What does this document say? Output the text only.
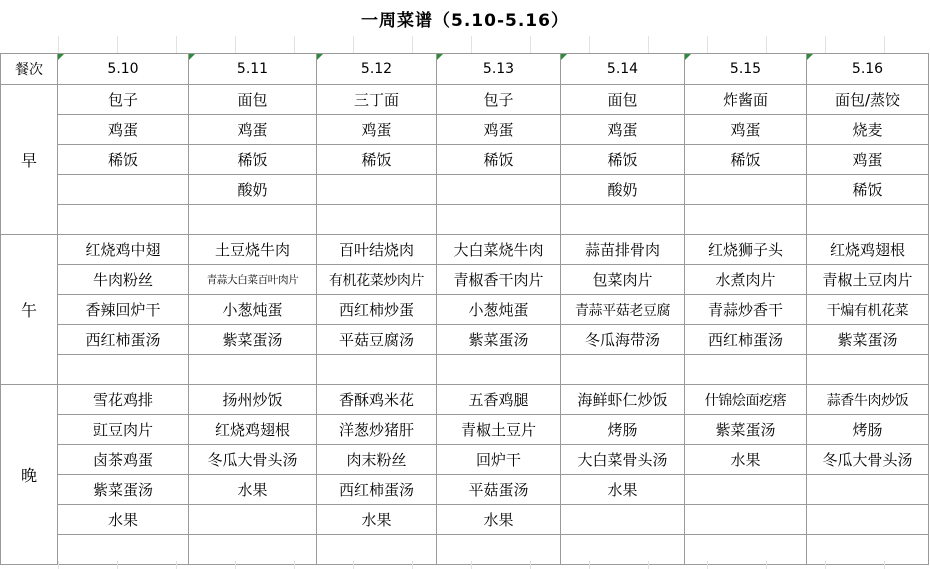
一周菜谱（5.10-5.16）
餐次	5.10	5.11	5.12	5.13	5.14	5.15	5.16
早	包子	面包	三丁面	包子	面包	炸酱面	面包/蒸饺
	鸡蛋	鸡蛋	鸡蛋	鸡蛋	鸡蛋	鸡蛋	烧麦
	稀饭	稀饭	稀饭	稀饭	稀饭	稀饭	鸡蛋
		酸奶			酸奶		稀饭

午	红烧鸡中翅	土豆烧牛肉	百叶结烧肉	大白菜烧牛肉	蒜苗排骨肉	红烧狮子头	红烧鸡翅根
	牛肉粉丝	青蒜大白菜百叶肉片	有机花菜炒肉片	青椒香干肉片	包菜肉片	水煮肉片	青椒土豆肉片
	香辣回炉干	小葱炖蛋	西红柿炒蛋	小葱炖蛋	青蒜平菇老豆腐	青蒜炒香干	干煸有机花菜
	西红柿蛋汤	紫菜蛋汤	平菇豆腐汤	紫菜蛋汤	冬瓜海带汤	西红柿蛋汤	紫菜蛋汤

晚	雪花鸡排	扬州炒饭	香酥鸡米花	五香鸡腿	海鲜虾仁炒饭	什锦烩面疙瘩	蒜香牛肉炒饭
	豇豆肉片	红烧鸡翅根	洋葱炒猪肝	青椒土豆片	烤肠	紫菜蛋汤	烤肠
	卤茶鸡蛋	冬瓜大骨头汤	肉末粉丝	回炉干	大白菜骨头汤	水果	冬瓜大骨头汤
	紫菜蛋汤	水果	西红柿蛋汤	平菇蛋汤	水果		
	水果		水果	水果			
